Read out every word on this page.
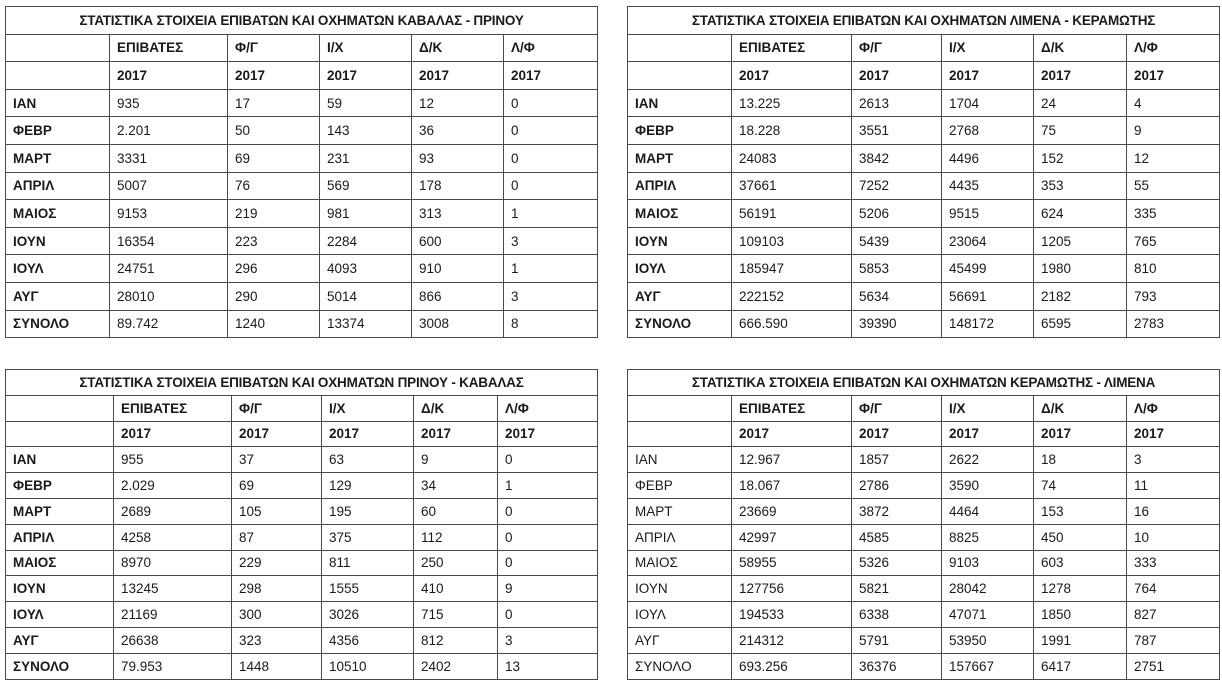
ΣΤΑΤΙΣΤΙΚΑ ΣΤΟΙΧΕΙΑ ΕΠΙΒΑΤΩΝ ΚΑΙ ΟΧΗΜΑΤΩΝ ΚΑΒΑΛΑΣ - ΠΡΙΝΟΥ					
	ΕΠΙΒΑΤΕΣ	Φ/Γ	Ι/Χ	Δ/Κ	Λ/Φ
	2017	2017	2017	2017	2017
ΙΑΝ	935	17	59	12	0
ΦΕΒΡ	2.201	50	143	36	0
ΜΑΡΤ	3331	69	231	93	0
ΑΠΡΙΛ	5007	76	569	178	0
ΜΑΙΟΣ	9153	219	981	313	1
ΙΟΥΝ	16354	223	2284	600	3
ΙΟΥΛ	24751	296	4093	910	1
ΑΥΓ	28010	290	5014	866	3
ΣΥΝΟΛΟ	89.742	1240	13374	3008	8
ΣΤΑΤΙΣΤΙΚΑ ΣΤΟΙΧΕΙΑ ΕΠΙΒΑΤΩΝ ΚΑΙ ΟΧΗΜΑΤΩΝ ΛΙΜΕΝΑ - ΚΕΡΑΜΩΤΗΣ					
	ΕΠΙΒΑΤΕΣ	Φ/Γ	Ι/Χ	Δ/Κ	Λ/Φ
	2017	2017	2017	2017	2017
ΙΑΝ	13.225	2613	1704	24	4
ΦΕΒΡ	18.228	3551	2768	75	9
ΜΑΡΤ	24083	3842	4496	152	12
ΑΠΡΙΛ	37661	7252	4435	353	55
ΜΑΙΟΣ	56191	5206	9515	624	335
ΙΟΥΝ	109103	5439	23064	1205	765
ΙΟΥΛ	185947	5853	45499	1980	810
ΑΥΓ	222152	5634	56691	2182	793
ΣΥΝΟΛΟ	666.590	39390	148172	6595	2783
ΣΤΑΤΙΣΤΙΚΑ ΣΤΟΙΧΕΙΑ ΕΠΙΒΑΤΩΝ ΚΑΙ ΟΧΗΜΑΤΩΝ ΠΡΙΝΟΥ - ΚΑΒΑΛΑΣ					
	ΕΠΙΒΑΤΕΣ	Φ/Γ	Ι/Χ	Δ/Κ	Λ/Φ
	2017	2017	2017	2017	2017
ΙΑΝ	955	37	63	9	0
ΦΕΒΡ	2.029	69	129	34	1
ΜΑΡΤ	2689	105	195	60	0
ΑΠΡΙΛ	4258	87	375	112	0
ΜΑΙΟΣ	8970	229	811	250	0
ΙΟΥΝ	13245	298	1555	410	9
ΙΟΥΛ	21169	300	3026	715	0
ΑΥΓ	26638	323	4356	812	3
ΣΥΝΟΛΟ	79.953	1448	10510	2402	13
ΣΤΑΤΙΣΤΙΚΑ ΣΤΟΙΧΕΙΑ ΕΠΙΒΑΤΩΝ ΚΑΙ ΟΧΗΜΑΤΩΝ ΚΕΡΑΜΩΤΗΣ - ΛΙΜΕΝΑ					
	ΕΠΙΒΑΤΕΣ	Φ/Γ	Ι/Χ	Δ/Κ	Λ/Φ
	2017	2017	2017	2017	2017
ΙΑΝ	12.967	1857	2622	18	3
ΦΕΒΡ	18.067	2786	3590	74	11
ΜΑΡΤ	23669	3872	4464	153	16
ΑΠΡΙΛ	42997	4585	8825	450	10
ΜΑΙΟΣ	58955	5326	9103	603	333
ΙΟΥΝ	127756	5821	28042	1278	764
ΙΟΥΛ	194533	6338	47071	1850	827
ΑΥΓ	214312	5791	53950	1991	787
ΣΥΝΟΛΟ	693.256	36376	157667	6417	2751
